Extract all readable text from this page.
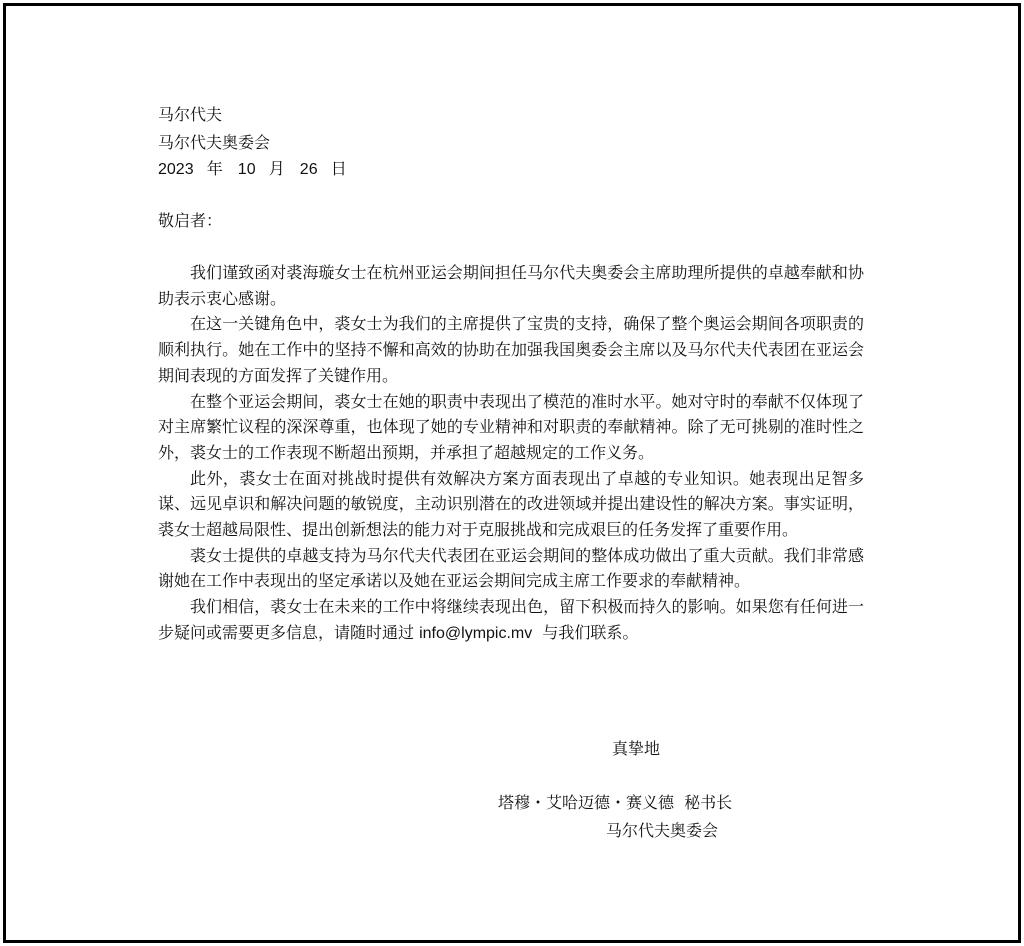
马尔代夫
马尔代夫奥委会
2023 年 10 月 26 日
敬启者：

我们谨致函对裘海璇女士在杭州亚运会期间担任马尔代夫奥委会主席助理所提供的卓越奉献和协助表示衷心感谢。

在这一关键角色中，裘女士为我们的主席提供了宝贵的支持，确保了整个奥运会期间各项职责的顺利执行。她在工作中的坚持不懈和高效的协助在加强我国奥委会主席以及马尔代夫代表团在亚运会期间表现的方面发挥了关键作用。

在整个亚运会期间，裘女士在她的职责中表现出了模范的准时水平。她对守时的奉献不仅体现了对主席繁忙议程的深深尊重，也体现了她的专业精神和对职责的奉献精神。除了无可挑剔的准时性之外，裘女士的工作表现不断超出预期，并承担了超越规定的工作义务。

此外，裘女士在面对挑战时提供有效解决方案方面表现出了卓越的专业知识。她表现出足智多谋、远见卓识和解决问题的敏锐度，主动识别潜在的改进领域并提出建设性的解决方案。事实证明，裘女士超越局限性、提出创新想法的能力对于克服挑战和完成艰巨的任务发挥了重要作用。

裘女士提供的卓越支持为马尔代夫代表团在亚运会期间的整体成功做出了重大贡献。我们非常感谢她在工作中表现出的坚定承诺以及她在亚运会期间完成主席工作要求的奉献精神。

我们相信，裘女士在未来的工作中将继续表现出色，留下积极而持久的影响。如果您有任何进一步疑问或需要更多信息，请随时通过 info@lympic.mv  与我们联系。

真挚地
塔穆・艾哈迈德・赛义德  秘书长
马尔代夫奥委会
